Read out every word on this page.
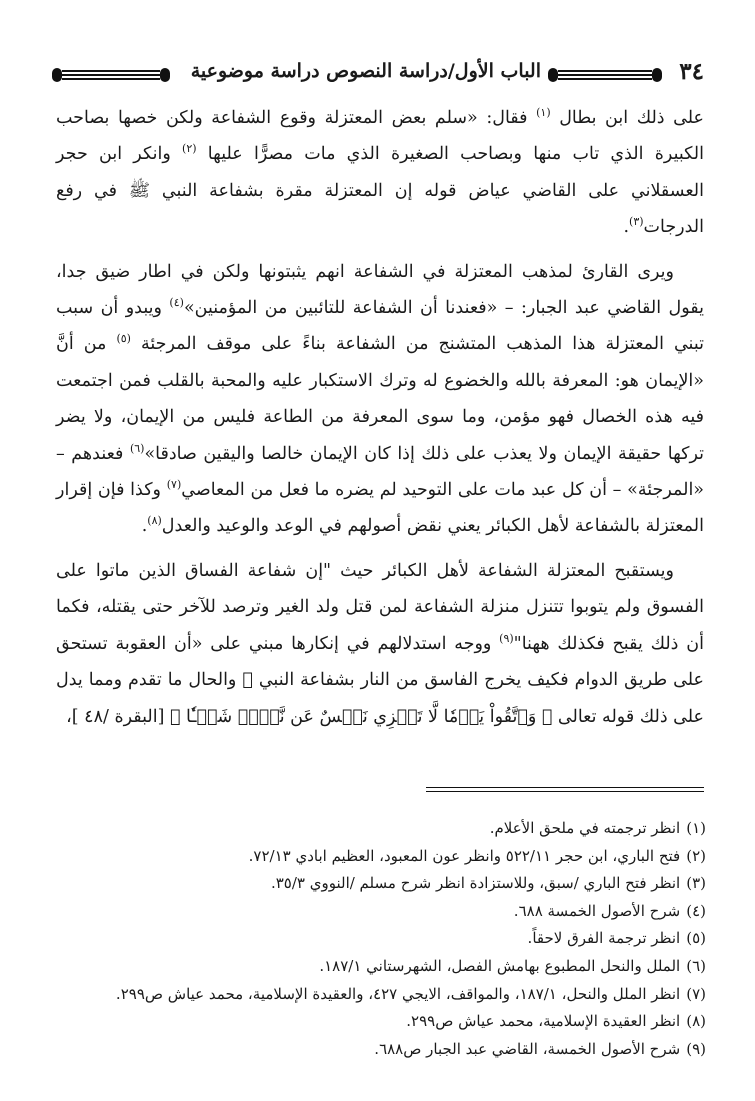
٣٤
الباب الأول/دراسة النصوص دراسة موضوعية

على ذلك ابن بطال $^{(١)}$ فقال: «سلم بعض المعتزلة وقوع الشفاعة ولكن خصها بصاحب الكبيرة الذي تاب منها وبصاحب الصغيرة الذي مات مصرًّا عليها $^{(٢)}$ وانكر ابن حجر العسقلاني على القاضي عياض قوله إن المعتزلة مقرة بشفاعة النبي ﷺ في رفع الدرجات$^{(٣)}$.

ويرى القارئ لمذهب المعتزلة في الشفاعة انهم يثبتونها ولكن في اطار ضيق جدا، يقول القاضي عبد الجبار: – «فعندنا أن الشفاعة للتائبين من المؤمنين»$^{(٤)}$ ويبدو أن سبب تبني المعتزلة هذا المذهب المتشنج من الشفاعة بناءً على موقف المرجئة $^{(٥)}$ من أنَّ «الإيمان هو: المعرفة بالله والخضوع له وترك الاستكبار عليه والمحبة بالقلب فمن اجتمعت فيه هذه الخصال فهو مؤمن، وما سوى المعرفة من الطاعة فليس من الإيمان، ولا يضر تركها حقيقة الإيمان ولا يعذب على ذلك إذا كان الإيمان خالصا واليقين صادقا»$^{(٦)}$ فعندهم – «المرجئة» – أن كل عبد مات على التوحيد لم يضره ما فعل من المعاصي$^{(٧)}$ وكذا فإن إقرار المعتزلة بالشفاعة لأهل الكبائر يعني نقض أصولهم في الوعد والوعيد والعدل$^{(٨)}$.

ويستقبح المعتزلة الشفاعة لأهل الكبائر حيث "إن شفاعة الفساق الذين ماتوا على الفسوق ولم يتوبوا تتنزل منزلة الشفاعة لمن قتل ولد الغير وترصد للآخر حتى يقتله، فكما أن ذلك يقبح فكذلك ههنا"$^{(٩)}$ ووجه استدلالهم في إنكارها مبني على «أن العقوبة تستحق على طريق الدوام فكيف يخرج الفاسق من النار بشفاعة النبي ﷺ والحال ما تقدم ومما يدل على ذلك قوله تعالى ﴿ وَٱتَّقُواْ يَوۡمٗا لَّا تَجۡزِي نَفۡسٌ عَن نَّفۡسٖ شَيۡـٔٗا ﴾ [البقرة /٤٨ ]،

(١)انظر ترجمته في ملحق الأعلام.
(٢)فتح الباري، ابن حجر ٥٢٢/١١ وانظر عون المعبود، العظيم ابادي ٧٢/١٣.
(٣)انظر فتح الباري /سبق، وللاستزادة انظر شرح مسلم /النووي ٣٥/٣.
(٤)شرح الأصول الخمسة ٦٨٨.
(٥)انظر ترجمة الفرق لاحقاً.
(٦)الملل والنحل المطبوع بهامش الفصل، الشهرستاني ١٨٧/١.
(٧)انظر الملل والنحل، ١٨٧/١، والمواقف، الايجي ٤٢٧، والعقيدة الإسلامية، محمد عياش ص٢٩٩.
(٨)انظر العقيدة الإسلامية، محمد عياش ص٢٩٩.
(٩)شرح الأصول الخمسة، القاضي عبد الجبار ص٦٨٨.
